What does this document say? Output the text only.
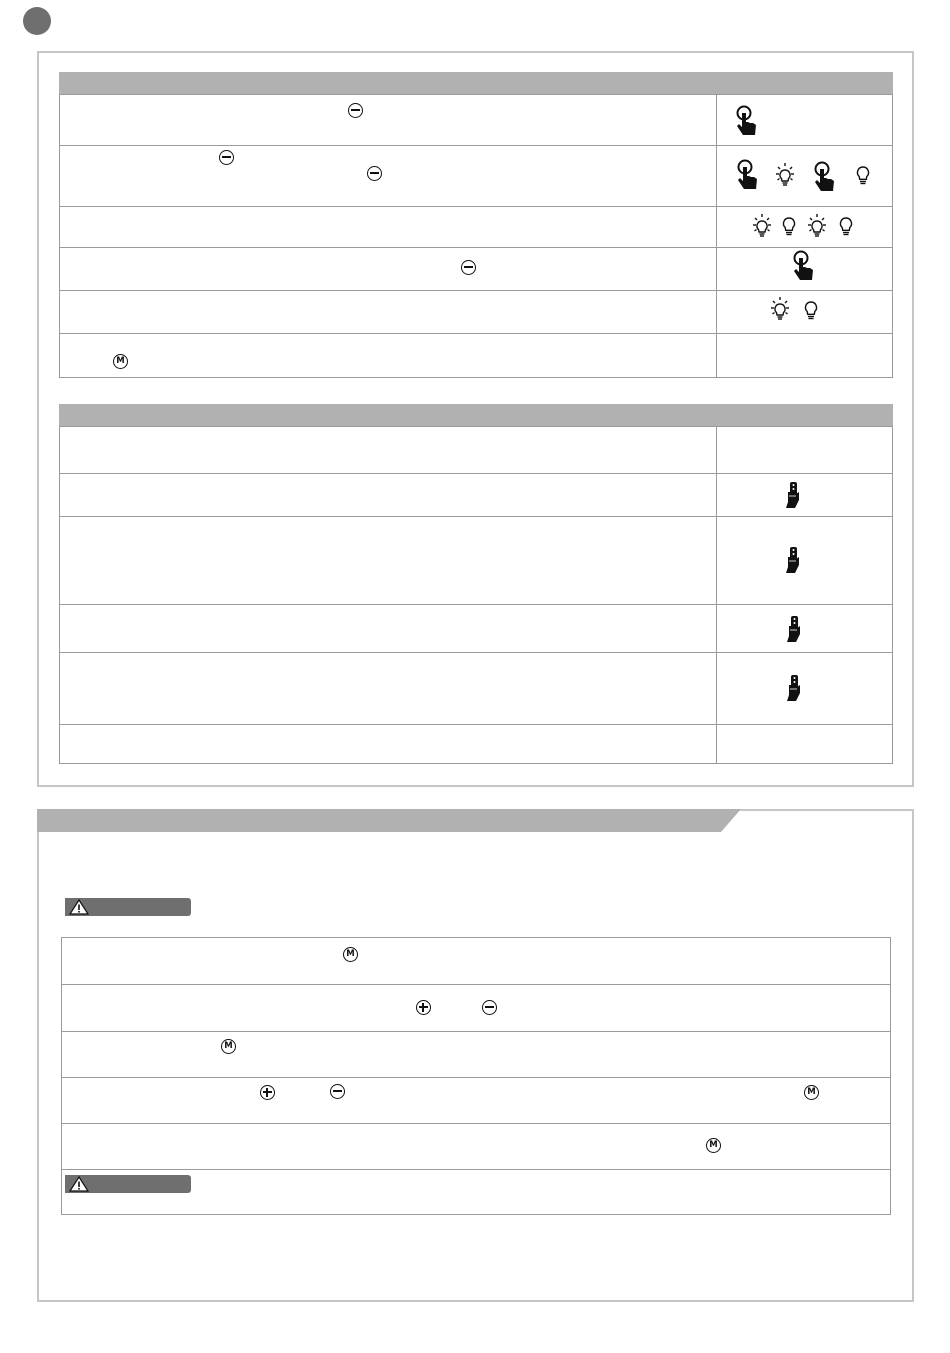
M
M
M
M
M
